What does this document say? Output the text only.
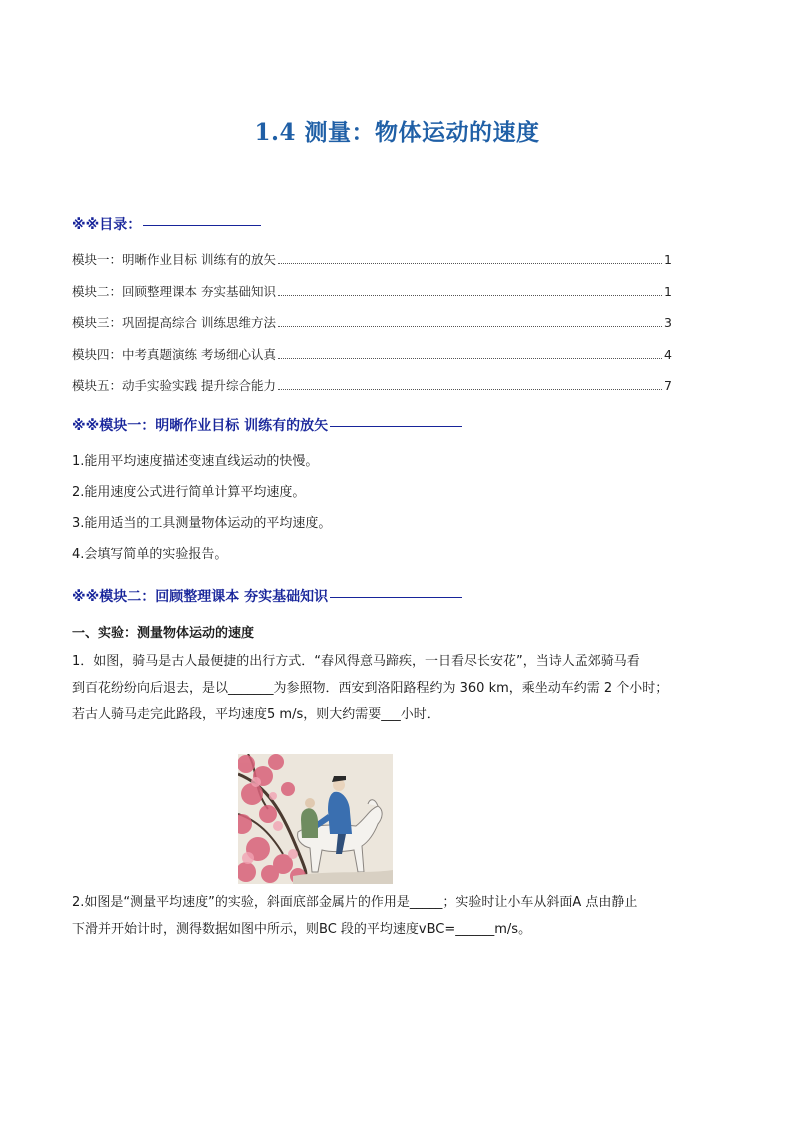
1.4 测量：物体运动的速度
※※目录：
模块一：明晰作业目标 训练有的放矢	1
模块二：回顾整理课本 夯实基础知识	1
模块三：巩固提高综合 训练思维方法	3
模块四：中考真题演练 考场细心认真	4
模块五：动手实验实践 提升综合能力	7
※※模块一：明晰作业目标 训练有的放矢

1.能用平均速度描述变速直线运动的快慢。

2.能用速度公式进行简单计算平均速度。

3.能用适当的工具测量物体运动的平均速度。

4.会填写简单的实验报告。

※※模块二：回顾整理课本 夯实基础知识

一、实验：测量物体运动的速度

1．如图，骑马是古人最便捷的出行方式．“春风得意马蹄疾，一日看尽长安花”，当诗人孟郊骑马看
到百花纷纷向后退去，是以_______为参照物．西安到洛阳路程约为 360 km，乘坐动车约需 2 个小时；
若古人骑马走完此路段，平均速度5 m/s，则大约需要___小时．
2.如图是“测量平均速度”的实验，斜面底部金属片的作用是_____；实验时让小车从斜面A 点由静止
下滑并开始计时，测得数据如图中所示，则BC 段的平均速度vBC=______m/s。
